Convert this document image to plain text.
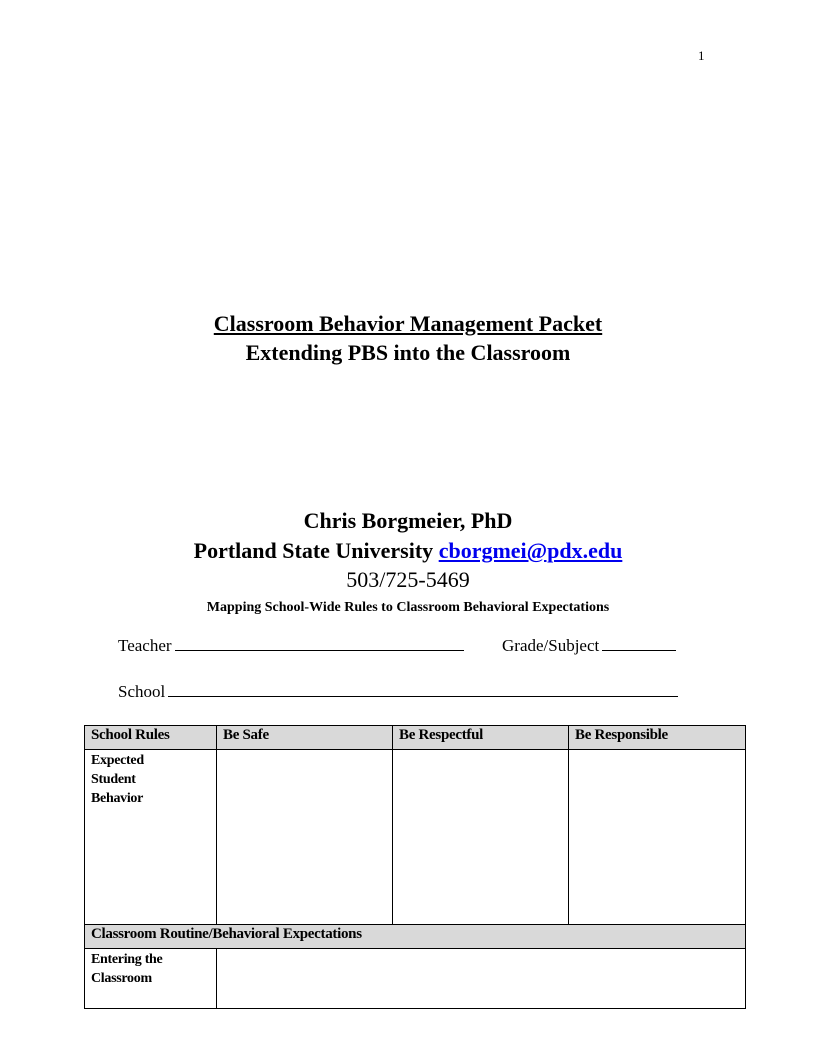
1
Classroom Behavior Management Packet
Extending PBS into the Classroom
Chris Borgmeier, PhD
Portland State University cborgmei@pdx.edu
503/725-5469
Mapping School-Wide Rules to Classroom Behavioral Expectations
Teacher	Grade/Subject
School
School Rules	Be Safe	Be Respectful	Be Responsible

Expected
Student
Behavior			

Classroom Routine/Behavioral Expectations			

Entering the
Classroom			
